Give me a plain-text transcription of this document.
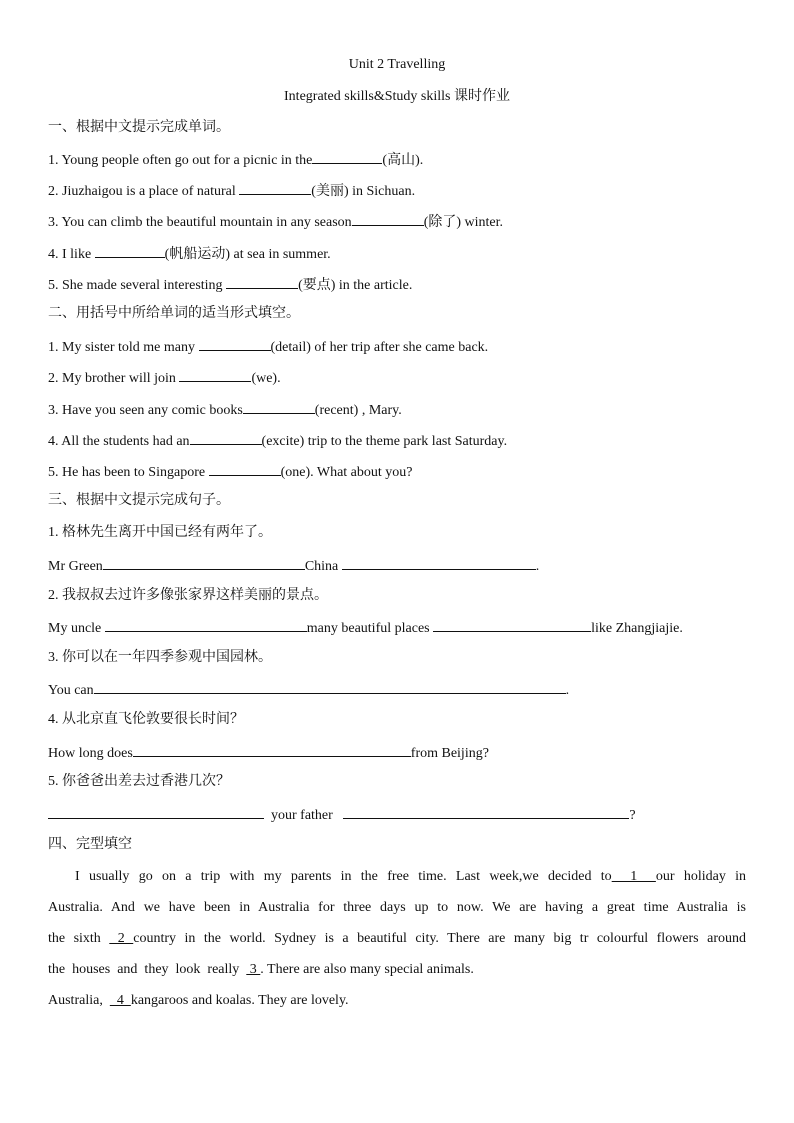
Unit 2 Travelling
Integrated skills&Study skills 课时作业
一、根据中文提示完成单词。
1. Young people often go out for a picnic in the	(高山).
2. Jiuzhaigou is a place of natural	(美丽) in Sichuan.
3. You can climb the beautiful mountain in any season	(除了) winter.
4. I like	(帆船运动) at sea in summer.
5. She made several interesting	(要点) in the article.
二、用括号中所给单词的适当形式填空。
1. My sister told me many	(detail) of her trip after she came back.
2. My brother will join	(we).
3. Have you seen any comic books	(recent) , Mary.
4. All the students had an	(excite) trip to the theme park last Saturday.
5. He has been to Singapore	(one). What about you?
三、根据中文提示完成句子。
1. 格林先生离开中国已经有两年了。
Mr Green	China	.
2. 我叔叔去过许多像张家界这样美丽的景点。
My uncle	many beautiful places	like Zhangjiajie.
3. 你可以在一年四季参观中国园林。
You can	.
4. 从北京直飞伦敦要很长时间？
How long does	from Beijing?
5. 你爸爸出差去过香港几次？
your father	?
四、完型填空
I usually go on a trip with my parents in the free time. Last week,we decided to  1  our holiday in
Australia. And we have been in Australia for three days up to now. We are having a great time Australia is
the sixth  2 country in the world. Sydney is a beautiful city. There are many big tr colourful flowers around
the  houses  and  they  look  really   3 . There are also many special animals.
Australia,    4  kangaroos and koalas. They are lovely.
